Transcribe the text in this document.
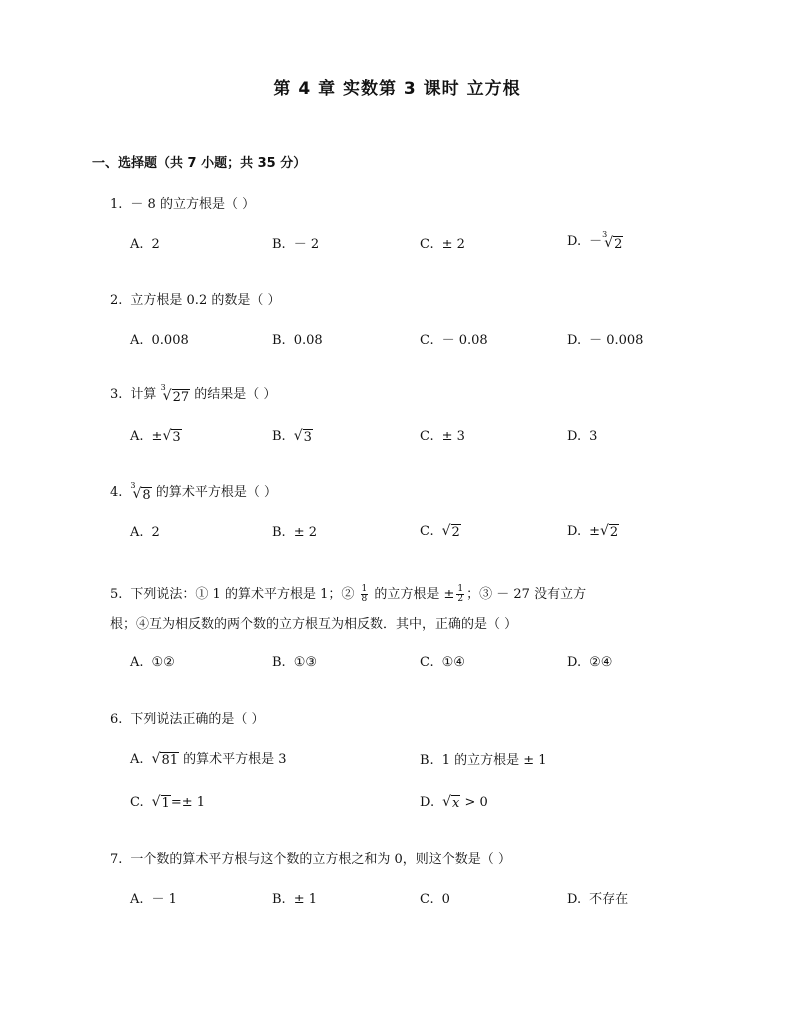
第 4 章 实数第 3 课时 立方根
一、选择题（共 7 小题；共 35 分）
1. － 8 的立方根是（ ）
A. 2	B. － 2	C. ± 2	D. － 3
√ 2
2. 立方根是 0.2 的数是（ ）
A. 0.008	B. 0.08	C. － 0.08	D. － 0.008
3. 计算 3
√ 27 的结果是（ ）
A. ± √ 3	B. √ 3	C. ± 3	D. 3
4. 3
√ 8 的算术平方根是（ ）
A. 2	B. ± 2	C. √ 2	D. ± √ 2
5. 下列说法：① 1 的算术平方根是 1；② $\frac{1}{8}$ 的立方根是 ± $\frac{1}{2}$ ；③ － 27 没有立方
根；④互为相反数的两个数的立方根互为相反数．其中，正确的是（ ）
A. ①②	B. ①③	C. ①④	D. ②④
6. 下列说法正确的是（ ）
A. √ 81 的算术平方根是 3	B. 1 的立方根是 ± 1
C. √ 1 =± 1	D. √ x > 0
7. 一个数的算术平方根与这个数的立方根之和为 0，则这个数是（ ）
A. － 1	B. ± 1	C. 0	D. 不存在
